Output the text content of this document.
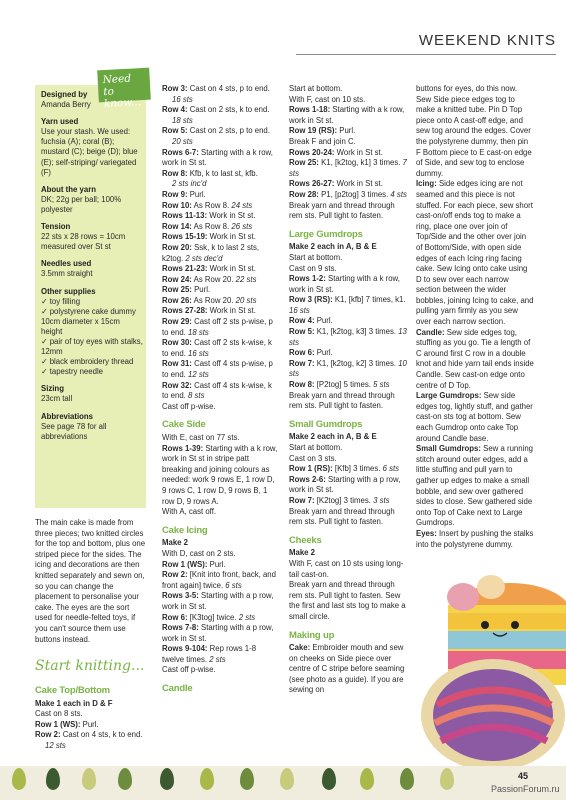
WEEKEND KNITS
Need to
know...
Designed by
Amanda Berry
Yarn used
Use your stash. We used: fuchsia (A); coral (B); mustard (C); beige (D); blue (E); self-striping/ variegated (F)
About the yarn
DK; 22g per ball; 100% polyester
Tension
22 sts x 28 rows = 10cm measured over St st
Needles used
3.5mm straight
Other supplies
✓ toy filling
✓ polystyrene cake dummy 10cm diameter x 15cm height
✓ pair of toy eyes with stalks, 12mm
✓ black embroidery thread
✓ tapestry needle
Sizing
23cm tall
Abbreviations
See page 78 for all abbreviations
The main cake is made from three pieces; two knitted circles for the top and bottom, plus one striped piece for the sides. The icing and decorations are then knitted separately and sewn on, so you can change the placement to personalise your cake. The eyes are the sort used for needle-felted toys, if you can't source them use buttons instead.
Start knitting...
Cake Top/Bottom
Make 1 each in D & F
Cast on 8 sts.
Row 1 (WS): Purl.
Row 2: Cast on 4 sts, k to end.
12 sts
Row 3: Cast on 4 sts, p to end.
16 sts
Row 4: Cast on 2 sts, k to end.
18 sts
Row 5: Cast on 2 sts, p to end.
20 sts
Rows 6-7: Starting with a k row, work in St st.
Row 8: Kfb, k to last st, kfb.
2 sts inc'd
Row 9: Purl.
Row 10: As Row 8. 24 sts
Rows 11-13: Work in St st.
Row 14: As Row 8. 26 sts
Rows 15-19: Work in St st.
Row 20: Ssk, k to last 2 sts, k2tog. 2 sts dec'd
Rows 21-23: Work in St st.
Row 24: As Row 20. 22 sts
Row 25: Purl.
Row 26: As Row 20. 20 sts
Rows 27-28: Work in St st.
Row 29: Cast off 2 sts p-wise, p to end. 18 sts
Row 30: Cast off 2 sts k-wise, k to end. 16 sts
Row 31: Cast off 4 sts p-wise, p to end. 12 sts
Row 32: Cast off 4 sts k-wise, k to end. 8 sts
Cast off p-wise.
Cake Side
With E, cast on 77 sts.
Rows 1-39: Starting with a k row, work in St st in stripe patt breaking and joining colours as needed: work 9 rows E, 1 row D, 9 rows C, 1 row D, 9 rows B, 1 row D, 9 rows A.
With A, cast off.
Cake Icing
Make 2
With D, cast on 2 sts.
Row 1 (WS): Purl.
Row 2: [Knit into front, back, and front again] twice. 6 sts
Rows 3-5: Starting with a p row, work in St st.
Row 6: [K3tog] twice. 2 sts
Rows 7-8: Starting with a p row, work in St st.
Rows 9-104: Rep rows 1-8 twelve times. 2 sts
Cast off p-wise.
Candle
Start at bottom.
With F, cast on 10 sts.
Rows 1-18: Starting with a k row, work in St st.
Row 19 (RS): Purl.
Break F and join C.
Rows 20-24: Work in St st.
Row 25: K1, [k2tog, k1] 3 times. 7 sts
Rows 26-27: Work in St st.
Row 28: P1, [p2tog] 3 times. 4 sts
Break yarn and thread through rem sts. Pull tight to fasten.
Large Gumdrops
Make 2 each in A, B & E
Start at bottom.
Cast on 9 sts.
Rows 1-2: Starting with a k row, work in St st.
Row 3 (RS): K1, [kfb] 7 times, k1. 16 sts
Row 4: Purl.
Row 5: K1, [k2tog, k3] 3 times. 13 sts
Row 6: Purl.
Row 7: K1, [k2tog, k2] 3 times. 10 sts
Row 8: [P2tog] 5 times. 5 sts
Break yarn and thread through rem sts. Pull tight to fasten.
Small Gumdrops
Make 2 each in A, B & E
Start at bottom.
Cast on 3 sts.
Row 1 (RS): [Kfb] 3 times. 6 sts
Rows 2-6: Starting with a p row, work in St st.
Row 7: [K2tog] 3 times. 3 sts
Break yarn and thread through rem sts. Pull tight to fasten.
Cheeks
Make 2
With F, cast on 10 sts using long-tail cast-on.
Break yarn and thread through rem sts. Pull tight to fasten. Sew the first and last sts tog to make a small circle.
Making up
Cake: Embroider mouth and sew on cheeks on Side piece over centre of C stripe before seaming (see photo as a guide). If you are sewing on
buttons for eyes, do this now. Sew Side piece edges tog to make a knitted tube. Pin D Top piece onto A cast-off edge, and sew tog around the edges. Cover the polystyrene dummy, then pin F Bottom piece to E cast-on edge of Side, and sew tog to enclose dummy.
Icing: Side edges icing are not seamed and this piece is not stuffed. For each piece, sew short cast-on/off ends tog to make a ring, place one over join of Top/Side and the other over join of Bottom/Side, with open side edges of each Icing ring facing cake. Sew Icing onto cake using D to sew over each narrow section between the wider bobbles, joining Icing to cake, and pulling yarn firmly as you sew over each narrow section.
Candle: Sew side edges tog, stuffing as you go. Tie a length of C around first C row in a double knot and hide yarn tail ends inside Candle. Sew cast-on edge onto centre of D Top.
Large Gumdrops: Sew side edges tog, lightly stuff, and gather cast-on sts tog at bottom. Sew each Gumdrop onto cake Top around Candle base.
Small Gumdrops: Sew a running stitch around outer edges, add a little stuffing and pull yarn to gather up edges to make a small bobble, and sew over gathered sides to close. Sew gathered side onto Top of Cake next to Large Gumdrops.
Eyes: Insert by pushing the stalks into the polystyrene dummy.
45
PassionForum.ru
